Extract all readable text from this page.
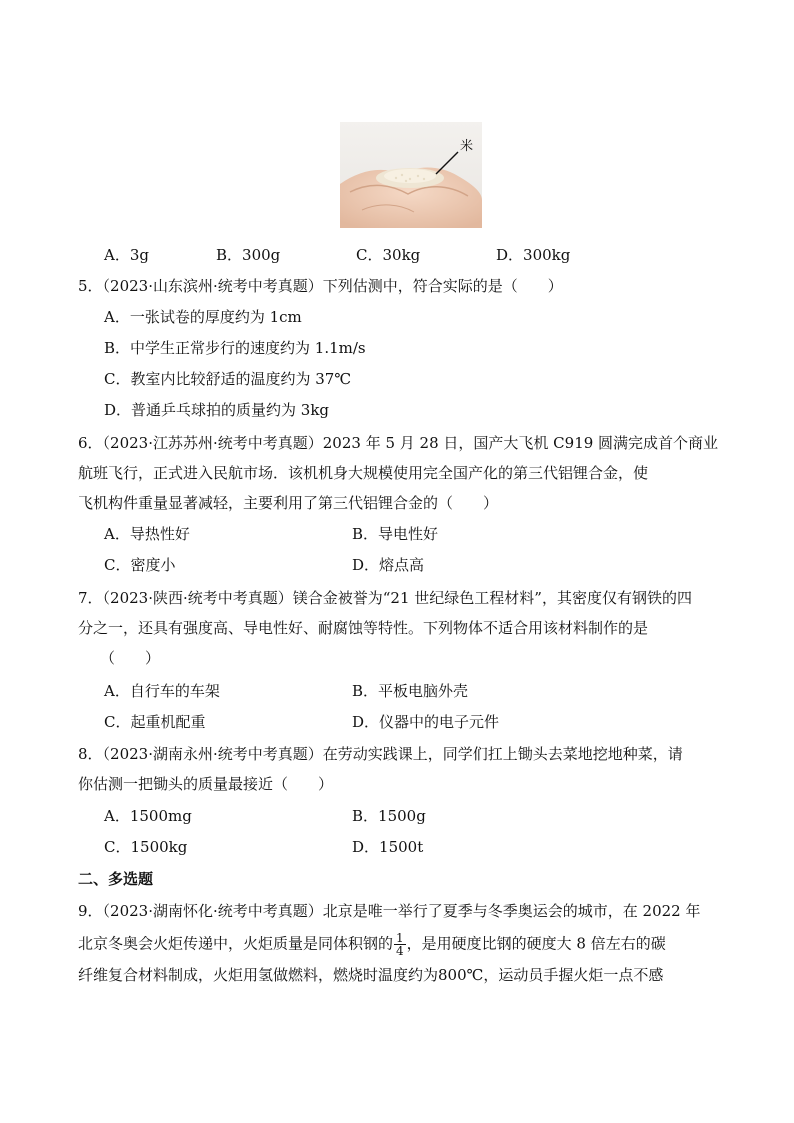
米
A．3g	B．300g	C．30kg	D．300kg
5．（2023·山东滨州·统考中考真题）下列估测中，符合实际的是（　　）
A．一张试卷的厚度约为 1cm
B．中学生正常步行的速度约为 1.1m/s
C．教室内比较舒适的温度约为 37℃
D．普通乒乓球拍的质量约为 3kg
6．（2023·江苏苏州·统考中考真题）2023 年 5 月 28 日，国产大飞机 C919 圆满完成首个商业
航班飞行，正式进入民航市场．该机机身大规模使用完全国产化的第三代铝锂合金，使
飞机构件重量显著减轻，主要利用了第三代铝锂合金的（　　）
A．导热性好	B．导电性好
C．密度小	D．熔点高
7．（2023·陕西·统考中考真题）镁合金被誉为“21 世纪绿色工程材料”，其密度仅有钢铁的四
分之一，还具有强度高、导电性好、耐腐蚀等特性。下列物体不适合用该材料制作的是
（　　）
A．自行车的车架	B．平板电脑外壳
C．起重机配重	D．仪器中的电子元件
8．（2023·湖南永州·统考中考真题）在劳动实践课上，同学们扛上锄头去菜地挖地种菜，请
你估测一把锄头的质量最接近（　　）
A．1500mg	B．1500g
C．1500kg	D．1500t
二、多选题
9．（2023·湖南怀化·统考中考真题）北京是唯一举行了夏季与冬季奥运会的城市，在 2022 年
北京冬奥会火炬传递中，火炬质量是同体积钢的 $\frac{1}{4}$ ，是用硬度比钢的硬度大 8 倍左右的碳
纤维复合材料制成，火炬用氢做燃料，燃烧时温度约为800℃，运动员手握火炬一点不感
